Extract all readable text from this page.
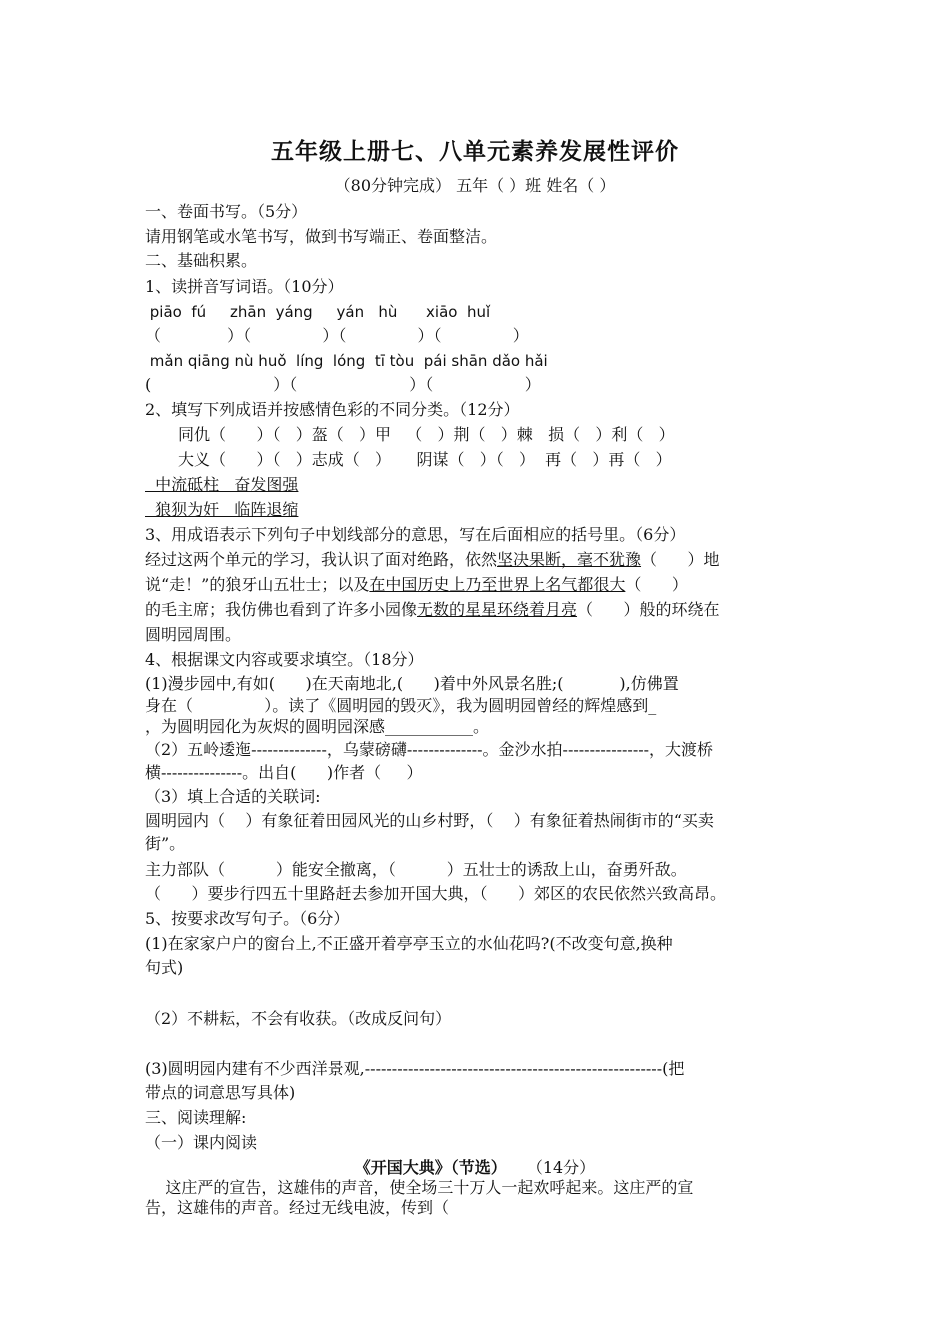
五年级上册七、八单元素养发展性评价
（80分钟完成） 五年（ ）班 姓名（ ）
一、卷面书写。（5分）
请用钢笔或水笔书写，做到书写端正、卷面整洁。
二、基础积累。
1、读拼音写词语。（10分）
piāo  fú     zhān  yáng     yán   hù      xiāo  huǐ
（             ）（              ）（              ）（              ）
mǎn qiāng nù huǒ  líng  lóng  tī tòu  pái shān dǎo hǎi
(                        ）（                      ）（                  ）
2、填写下列成语并按感情色彩的不同分类。（12分）
同仇（      ）（   ）盔（   ）甲   （   ）荆（   ）棘   损（   ）利（   ）
大义（      ）（   ）志成（   ）     阴谋（   ）（   ）  再（   ）再（   ）
中流砥柱   奋发图强
狼狈为奸   临阵退缩
3、用成语表示下列句子中划线部分的意思，写在后面相应的括号里。（6分）
经过这两个单元的学习，我认识了面对绝路，依然坚决果断，毫不犹豫（      ）地
说“走！”的狼牙山五壮士；以及在中国历史上乃至世界上名气都很大（      ）
的毛主席；我仿佛也看到了许多小园像无数的星星环绕着月亮（      ）般的环绕在
圆明园周围。
4、根据课文内容或要求填空。（18分）
(1)漫步园中,有如(      )在天南地北,(      )着中外风景名胜;(           ),仿佛置
身在（              ）。读了《圆明园的毁灭》，我为圆明园曾经的辉煌感到_
，为圆明园化为灰烬的圆明园深感___________。
（2）五岭逶迤--------------，乌蒙磅礴--------------。金沙水拍----------------，大渡桥
横---------------。出自(      )作者（     ）
（3）填上合适的关联词:
圆明园内（    ）有象征着田园风光的山乡村野，（    ）有象征着热闹街市的“买卖
街”。
主力部队（          ）能安全撤离，（          ）五壮士的诱敌上山，奋勇歼敌。
（      ）要步行四五十里路赶去参加开国大典，（      ）郊区的农民依然兴致高昂。
5、按要求改写句子。（6分）
(1)在家家户户的窗台上,不正盛开着亭亭玉立的水仙花吗?(不改变句意,换种
句式)
（2）不耕耘，不会有收获。（改成反问句）
(3)圆明园内建有不少西洋景观,-------------------------------------------------------(把
带点的词意思写具体)
三、阅读理解:
（一）课内阅读
《开国大典》（节选） （14分）
这庄严的宣告，这雄伟的声音，使全场三十万人一起欢呼起来。这庄严的宣
告，这雄伟的声音。经过无线电波，传到（
